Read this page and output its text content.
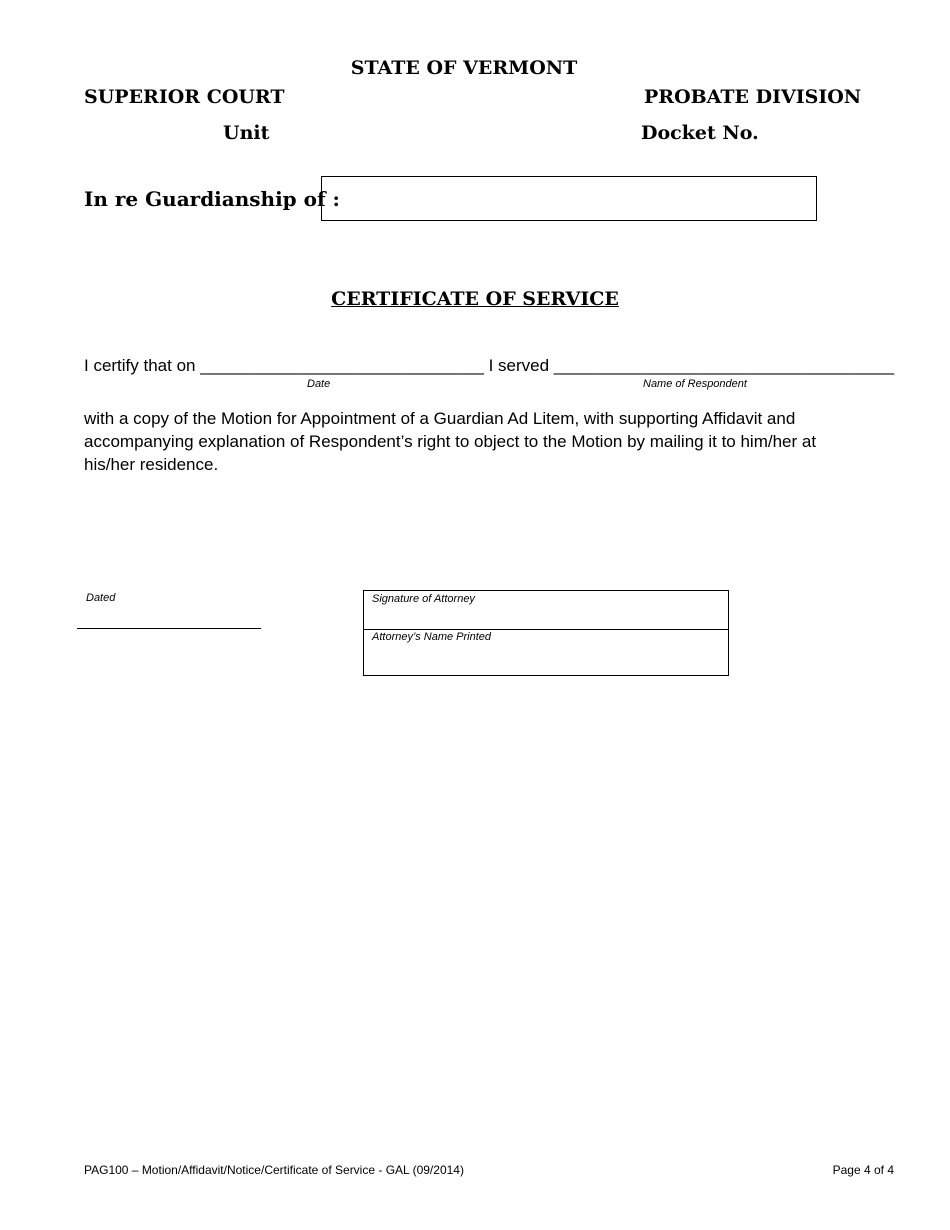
STATE OF VERMONT
SUPERIOR COURT	PROBATE DIVISION
Unit	Docket No.
In re Guardianship of :
CERTIFICATE OF SERVICE
I certify that on ______________________________ I served ____________________________________
Date	Name of Respondent
with a copy of the Motion for Appointment of a Guardian Ad Litem, with supporting Affidavit and accompanying explanation of Respondent’s right to object to the Motion by mailing it to him/her at his/her residence.
Dated	Signature of Attorney
Attorney’s Name Printed
PAG100 – Motion/Affidavit/Notice/Certificate of Service - GAL (09/2014)	Page 4 of 4
